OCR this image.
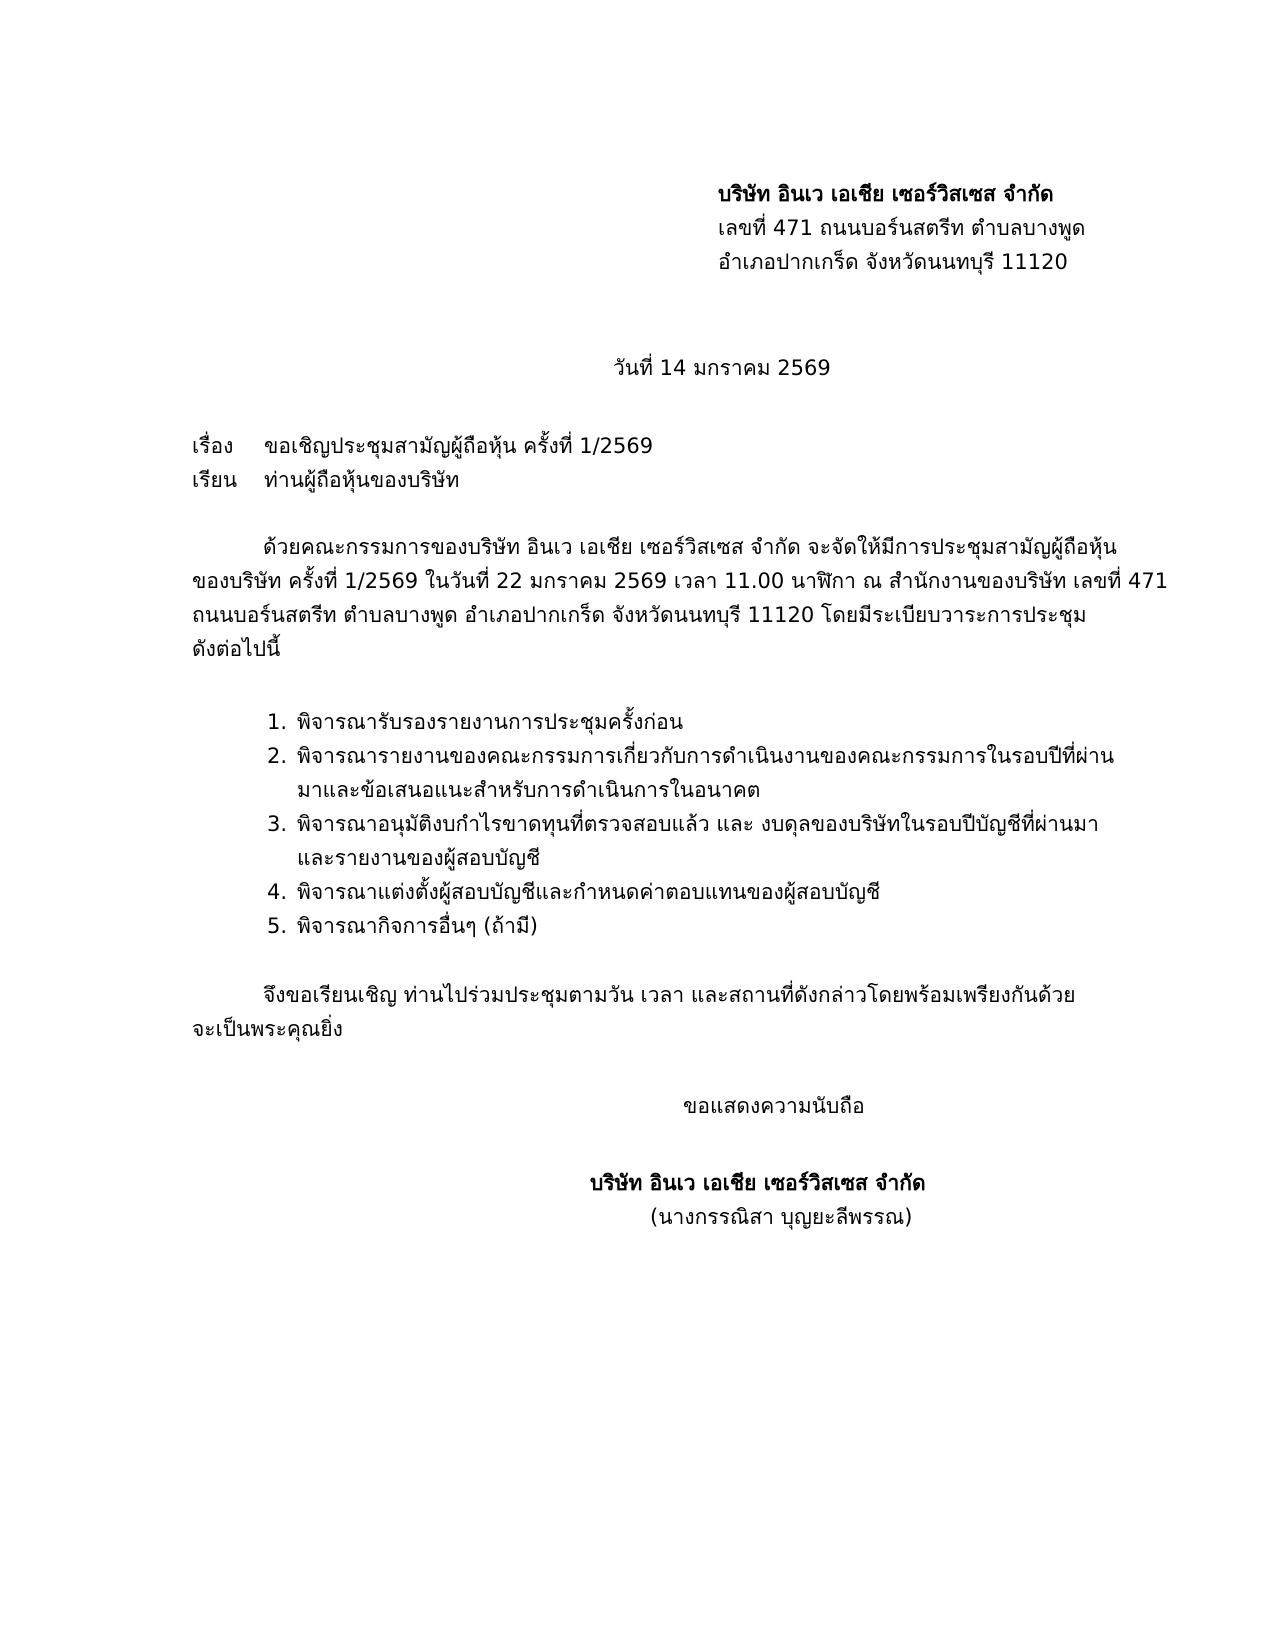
บริษัท อินเว เอเชีย เซอร์วิสเซส จำกัด
เลขที่ 471 ถนนบอร์นสตรีท ตำบลบางพูด
อำเภอปากเกร็ด จังหวัดนนทบุรี 11120
วันที่ 14 มกราคม 2569
เรื่อง ขอเชิญประชุมสามัญผู้ถือหุ้น ครั้งที่ 1/2569
เรียน ท่านผู้ถือหุ้นของบริษัท
ด้วยคณะกรรมการของบริษัท อินเว เอเชีย เซอร์วิสเซส จำกัด จะจัดให้มีการประชุมสามัญผู้ถือหุ้น
ของบริษัท ครั้งที่ 1/2569 ในวันที่ 22 มกราคม 2569 เวลา 11.00 นาฬิกา ณ สำนักงานของบริษัท เลขที่ 471
ถนนบอร์นสตรีท ตำบลบางพูด อำเภอปากเกร็ด จังหวัดนนทบุรี 11120 โดยมีระเบียบวาระการประชุม
ดังต่อไปนี้
1. พิจารณารับรองรายงานการประชุมครั้งก่อน
2. พิจารณารายงานของคณะกรรมการเกี่ยวกับการดำเนินงานของคณะกรรมการในรอบปีที่ผ่าน
มาและข้อเสนอแนะสำหรับการดำเนินการในอนาคต
3. พิจารณาอนุมัติงบกำไรขาดทุนที่ตรวจสอบแล้ว และ งบดุลของบริษัทในรอบปีบัญชีที่ผ่านมา
และรายงานของผู้สอบบัญชี
4. พิจารณาแต่งตั้งผู้สอบบัญชีและกำหนดค่าตอบแทนของผู้สอบบัญชี
5. พิจารณากิจการอื่นๆ (ถ้ามี)
จึงขอเรียนเชิญ ท่านไปร่วมประชุมตามวัน เวลา และสถานที่ดังกล่าวโดยพร้อมเพรียงกันด้วย
จะเป็นพระคุณยิ่ง
ขอแสดงความนับถือ
บริษัท อินเว เอเชีย เซอร์วิสเซส จำกัด
(นางกรรณิสา บุญยะลีพรรณ)
